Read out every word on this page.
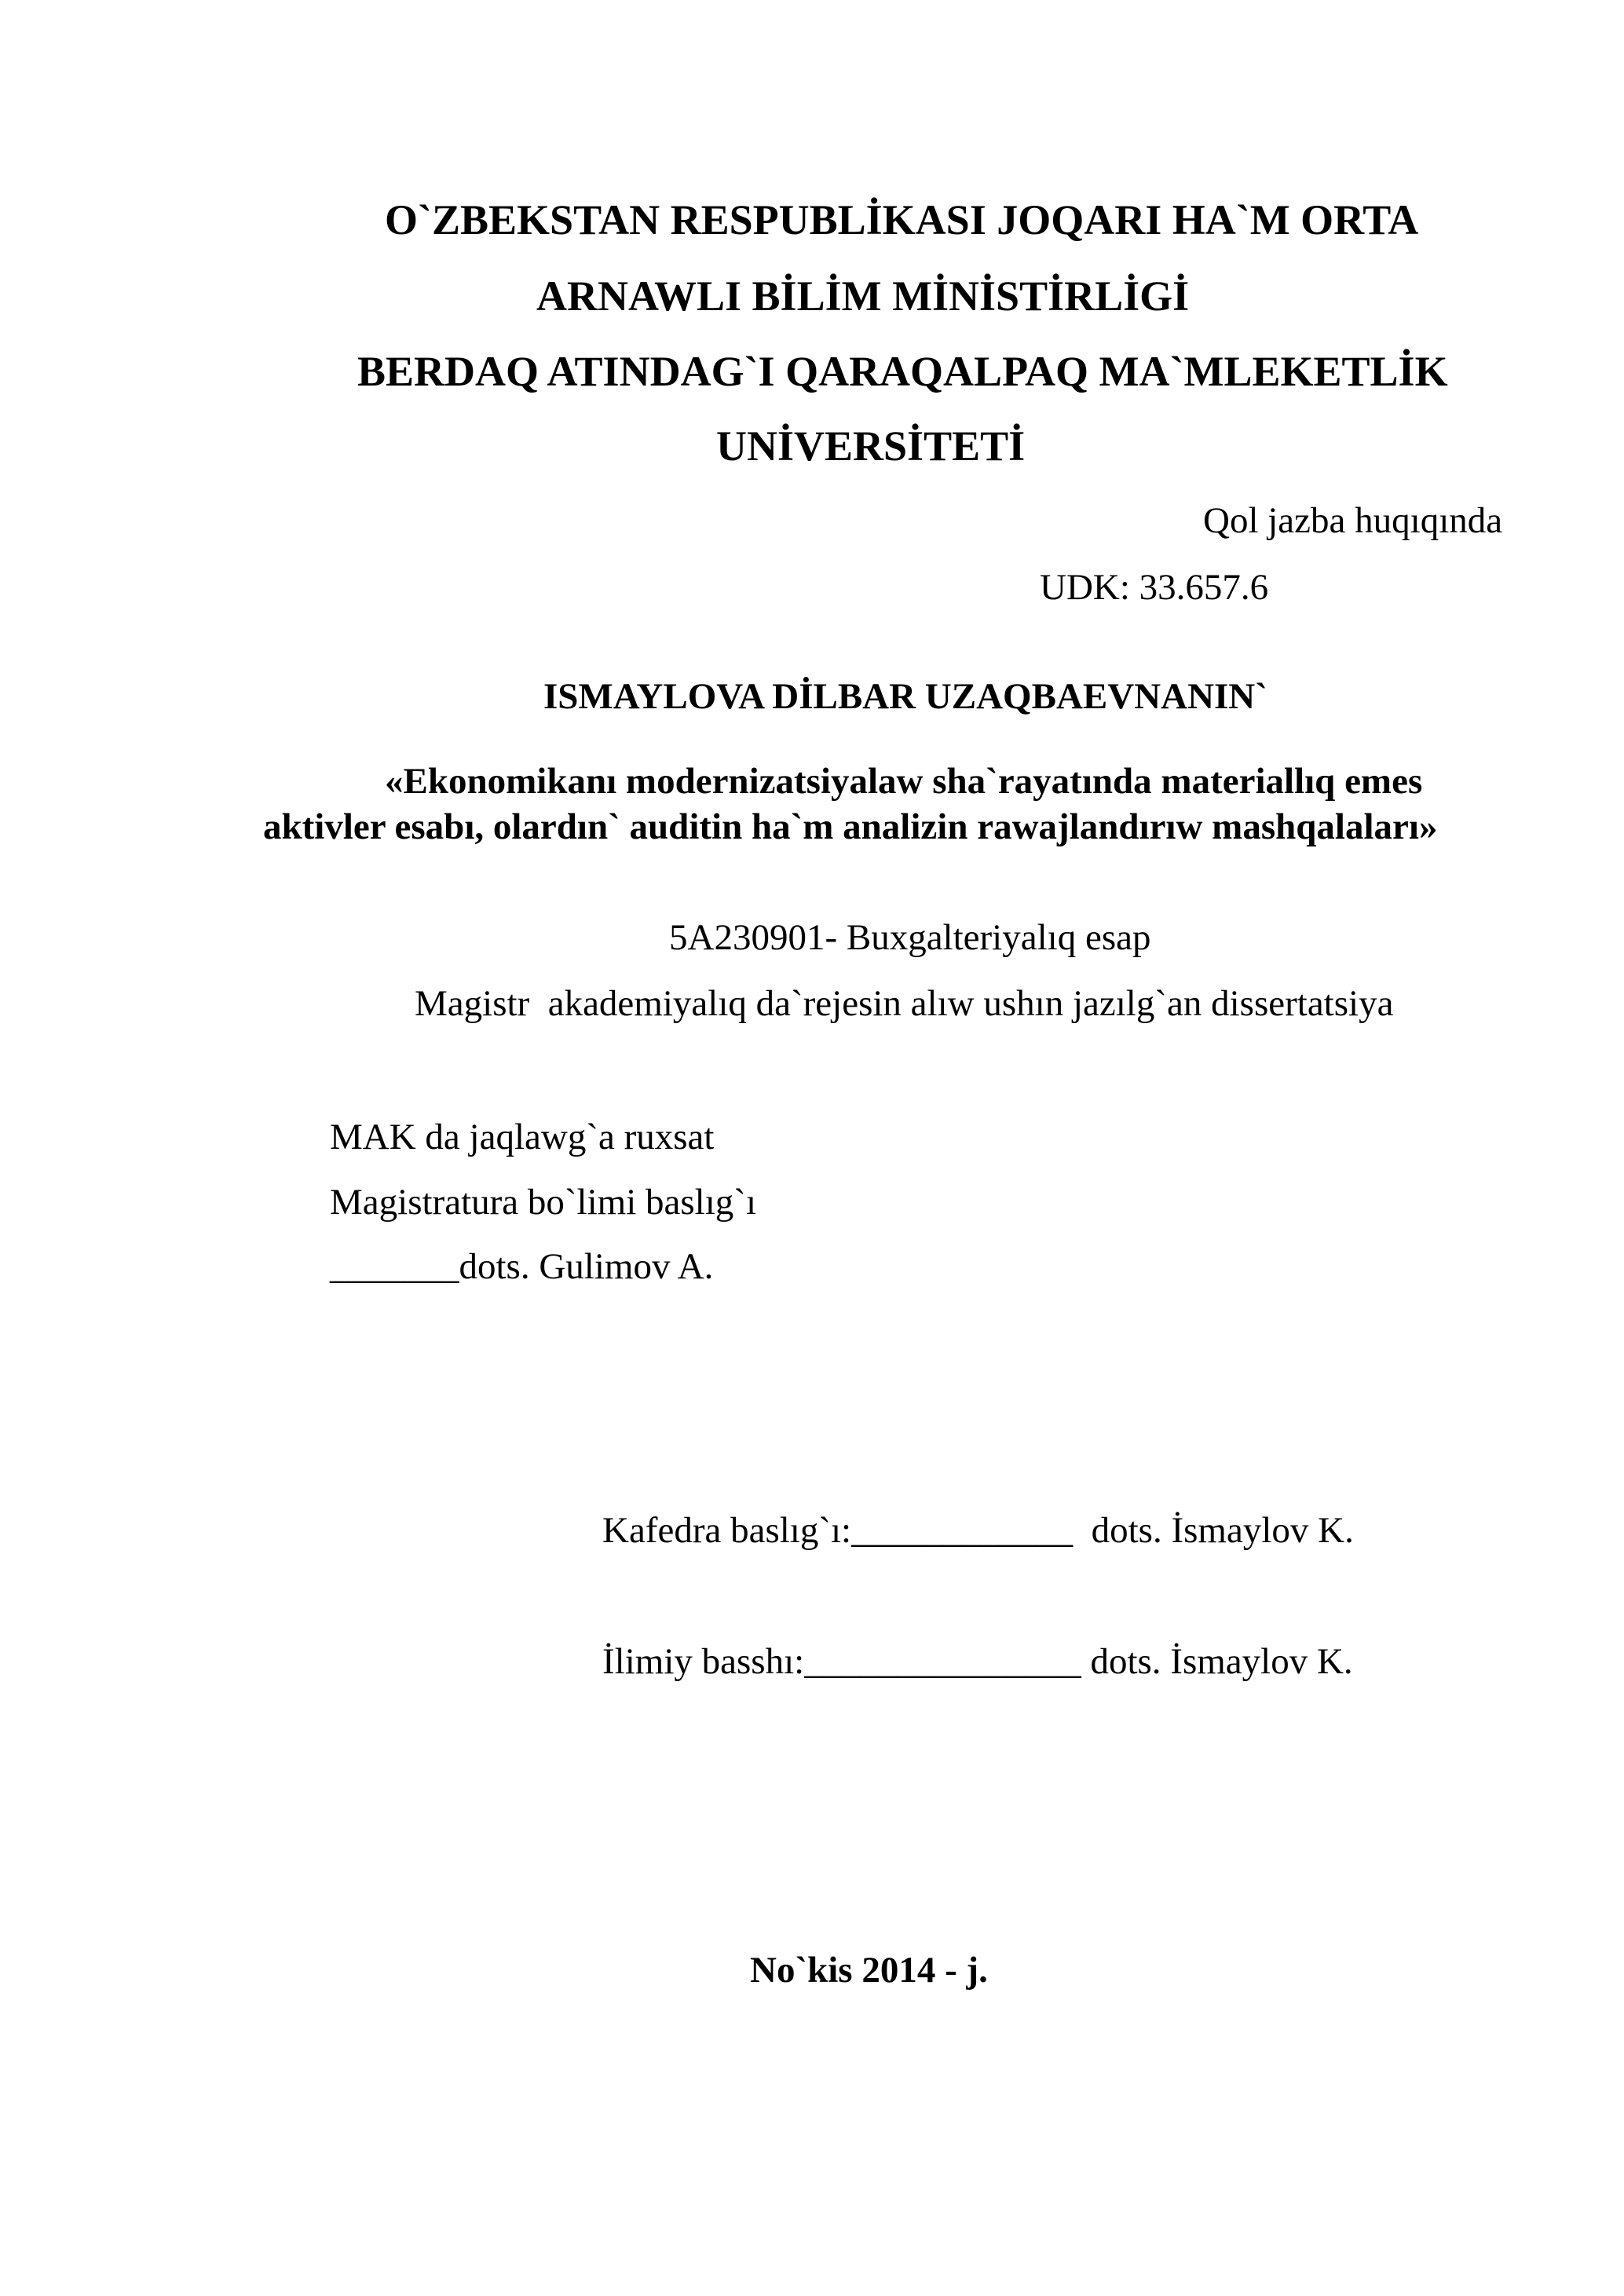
O`ZBEKSTAN RESPUBLİKASI JOQARI HA`M ORTA
ARNAWLI BİLİM MİNİSTİRLİGİ
BERDAQ ATINDAG`I QARAQALPAQ MA`MLEKETLİK
UNİVERSİTETİ
Qol jazba huqıqında
UDK: 33.657.6
ISMAYLOVA DİLBAR UZAQBAEVNANIN`
«Ekonomikanı modernizatsiyalaw sha`rayatında materiallıq emes
aktivler esabı, olardın` auditin ha`m analizin rawajlandırıw mashqalaları»
5A230901- Buxgalteriyalıq esap
Magistr  akademiyalıq da`rejesin alıw ushın jazılg`an dissertatsiya
MAK da jaqlawg`a ruxsat
Magistratura bo`limi baslıg`ı
_______dots. Gulimov A.
Kafedra baslıg`ı:____________  dots. İsmaylov K.
İlimiy basshı:_______________ dots. İsmaylov K.
No`kis 2014 - j.
